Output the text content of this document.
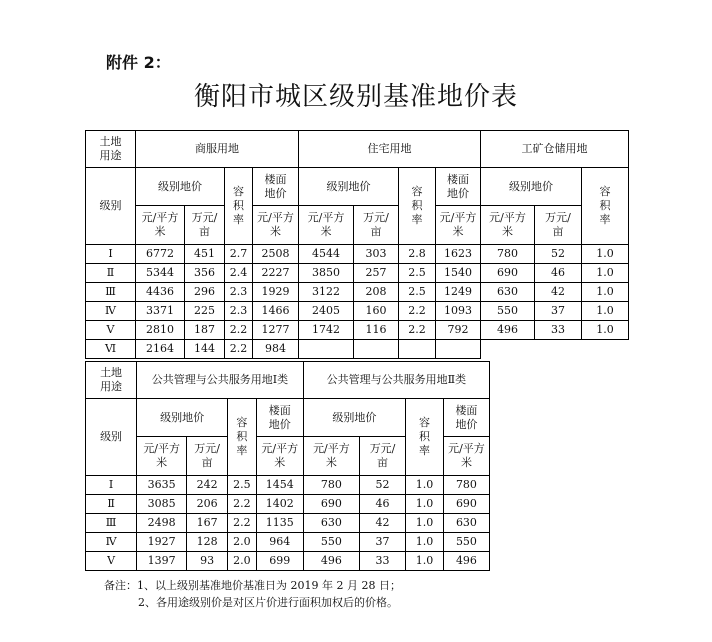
附件 2：
衡阳市城区级别基准地价表
土地用途	商服用地				住宅用地				工矿仓储用地		
级别	级别地价		容积率	楼面地价	级别地价		容积率	楼面地价	级别地价		容积率
	元/平方米	万元/亩		元/平方米	元/平方米	万元/亩		元/平方米	元/平方米	万元/亩	
Ⅰ	6772	451	2.7	2508	4544	303	2.8	1623	780	52	1.0
Ⅱ	5344	356	2.4	2227	3850	257	2.5	1540	690	46	1.0
Ⅲ	4436	296	2.3	1929	3122	208	2.5	1249	630	42	1.0
Ⅳ	3371	225	2.3	1466	2405	160	2.2	1093	550	37	1.0
Ⅴ	2810	187	2.2	1277	1742	116	2.2	792	496	33	1.0
Ⅵ	2164	144	2.2	984							
土地用途	公共管理与公共服务用地Ⅰ类				公共管理与公共服务用地Ⅱ类			
级别	级别地价		容积率	楼面地价	级别地价		容积率	楼面地价
	元/平方米	万元/亩		元/平方米	元/平方米	万元/亩		元/平方米
Ⅰ	3635	242	2.5	1454	780	52	1.0	780
Ⅱ	3085	206	2.2	1402	690	46	1.0	690
Ⅲ	2498	167	2.2	1135	630	42	1.0	630
Ⅳ	1927	128	2.0	964	550	37	1.0	550
Ⅴ	1397	93	2.0	699	496	33	1.0	496
备注：1、以上级别基准地价基准日为 2019 年 2 月 28 日；
2、各用途级别价是对区片价进行面积加权后的价格。
